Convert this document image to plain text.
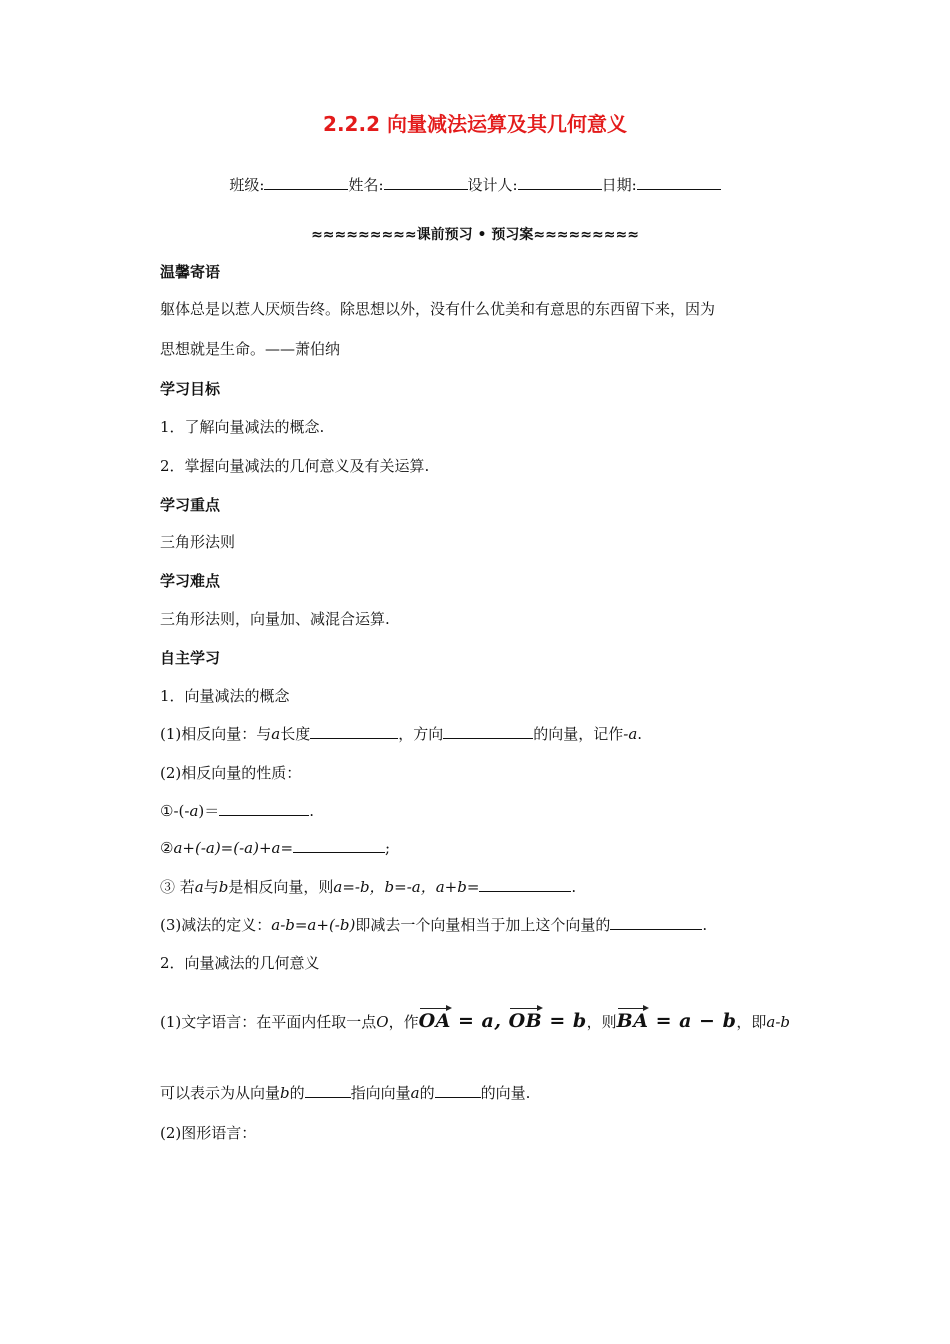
2.2.2 向量减法运算及其几何意义
班级:	姓名:	设计人:	日期:
≈≈≈≈≈≈≈≈≈课前预习 • 预习案≈≈≈≈≈≈≈≈≈
温馨寄语
躯体总是以惹人厌烦告终。除思想以外，没有什么优美和有意思的东西留下来，因为
思想就是生命。——萧伯纳
学习目标
1．了解向量减法的概念.
2．掌握向量减法的几何意义及有关运算.
学习重点
三角形法则
学习难点
三角形法则，向量加、减混合运算.
自主学习
1．向量减法的概念
(1)相反向量：与a长度	，方向	的向量，记作-a.
(2)相反向量的性质：
①-(-a)＝	.
②a+(-a)=(-a)+a=	;
③ 若a与b是相反向量，则a=-b，b=-a，a+b=	.
(3)减法的定义：a-b=a+(-b)即减去一个向量相当于加上这个向量的	.
2．向量减法的几何意义
(1)文字语言：在平面内任取一点O，作OA = a, OB = b，则BA = a − b，即a-b
可以表示为从向量b的	指向向量a的	的向量.
(2)图形语言：
